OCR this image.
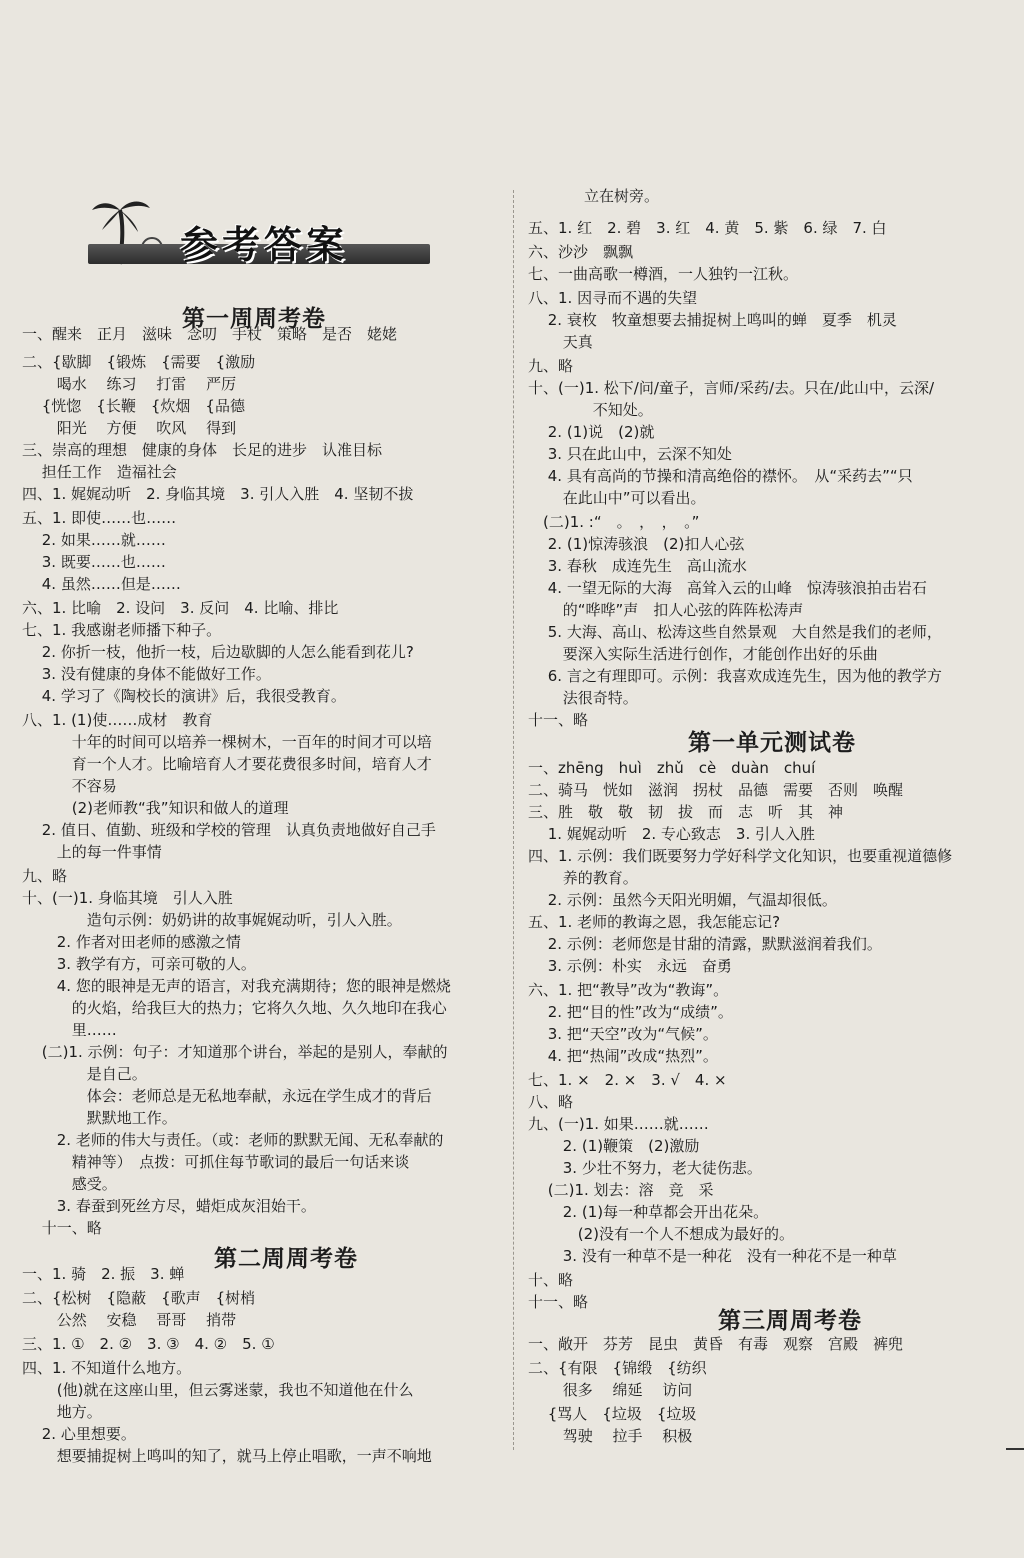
第一周周考卷
一、醒来　正月　滋味　念叨　手杖　策略　是否　姥姥
二、{歇脚　{锻炼　{需要　{激励
　　 喝水　 练习　 打雷　 严厉
　 {恍惚　{长鞭　{炊烟　{品德
　　 阳光　 方便　 吹风　 得到
三、崇高的理想　健康的身体　长足的进步　认准目标
　 担任工作　造福社会
四、1. 娓娓动听　2. 身临其境　3. 引人入胜　4. 坚韧不拔
五、1. 即使……也……
　 2. 如果……就……
　 3. 既要……也……
　 4. 虽然……但是……
六、1. 比喻　2. 设问　3. 反问　4. 比喻、排比
七、1. 我感谢老师播下种子。
　 2. 你折一枝，他折一枝，后边歇脚的人怎么能看到花儿?
　 3. 没有健康的身体不能做好工作。
　 4. 学习了《陶校长的演讲》后，我很受教育。
八、1. (1)使……成材　教育
　　　 十年的时间可以培养一棵树木，一百年的时间才可以培
　　　 育一个人才。比喻培育人才要花费很多时间，培育人才
　　　 不容易
　　　 (2)老师教“我”知识和做人的道理
　 2. 值日、值勤、班级和学校的管理　认真负责地做好自己手
　　 上的每一件事情
九、略
十、(一)1. 身临其境　引人入胜
　　　　 造句示例：奶奶讲的故事娓娓动听，引人入胜。
　　 2. 作者对田老师的感激之情
　　 3. 教学有方，可亲可敬的人。
　　 4. 您的眼神是无声的语言，对我充满期待；您的眼神是燃烧
　　　 的火焰，给我巨大的热力；它将久久地、久久地印在我心
　　　 里……
　 (二)1. 示例：句子：才知道那个讲台，举起的是别人，奉献的
　　　　 是自己。
　　　　 体会：老师总是无私地奉献，永远在学生成才的背后
　　　　 默默地工作。
　　 2. 老师的伟大与责任。（或：老师的默默无闻、无私奉献的
　　　 精神等）　点拨：可抓住每节歌词的最后一句话来谈
　　　 感受。
　　 3. 春蚕到死丝方尽，蜡炬成灰泪始干。
　 十一、略
第二周周考卷
一、1. 骑　2. 振　3. 蝉
二、{松树　{隐蔽　{歌声　{树梢
　　 公然　 安稳　 哥哥　 捎带
三、1. ①　2. ②　3. ③　4. ②　5. ①
四、1. 不知道什么地方。
　　 (他)就在这座山里，但云雾迷蒙，我也不知道他在什么
　　 地方。
　 2. 心里想要。
　　 想要捕捉树上鸣叫的知了，就马上停止唱歌，一声不响地
立在树旁。
五、1. 红　2. 碧　3. 红　4. 黄　5. 紫　6. 绿　7. 白
六、沙沙　飘飘
七、一曲高歌一樽酒，一人独钓一江秋。
八、1. 因寻而不遇的失望
　 2. 衰枚　牧童想要去捕捉树上鸣叫的蝉　夏季　机灵
　　 天真
九、略
十、(一)1. 松下/问/童子，言师/采药/去。只在/此山中，云深/
　　　　 不知处。
　 2. (1)说　(2)就
　 3. 只在此山中，云深不知处
　 4. 具有高尚的节操和清高绝俗的襟怀。　从“采药去”“只
　　 在此山中”可以看出。
　(二)1. :“　。　，　，　。”
　 2. (1)惊涛骇浪　(2)扣人心弦
　 3. 春秋　成连先生　高山流水
　 4. 一望无际的大海　高耸入云的山峰　惊涛骇浪拍击岩石
　　 的“哗哗”声　扣人心弦的阵阵松涛声
　 5. 大海、高山、松涛这些自然景观　大自然是我们的老师，
　　 要深入实际生活进行创作，才能创作出好的乐曲
　 6. 言之有理即可。示例：我喜欢成连先生，因为他的教学方
　　 法很奇特。
十一、略
第一单元测试卷
一、zhēng　huì　zhǔ　cè　duàn　chuí
二、骑马　恍如　滋润　拐杖　品德　需要　否则　唤醒
三、胜　敬　敬　韧　拔　而　志　听　其　神
　 1. 娓娓动听　2. 专心致志　3. 引人入胜
四、1. 示例：我们既要努力学好科学文化知识，也要重视道德修
　　 养的教育。
　 2. 示例：虽然今天阳光明媚，气温却很低。
五、1. 老师的教诲之恩，我怎能忘记?
　 2. 示例：老师您是甘甜的清露，默默滋润着我们。
　 3. 示例：朴实　永远　奋勇
六、1. 把“教导”改为“教诲”。
　 2. 把“目的性”改为“成绩”。
　 3. 把“天空”改为“气候”。
　 4. 把“热闹”改成“热烈”。
七、1. ×　2. ×　3. √　4. ×
八、略
九、(一)1. 如果……就……
　　 2. (1)鞭策　(2)激励
　　 3. 少壮不努力，老大徒伤悲。
　 (二)1. 划去：溶　竞　采
　　 2. (1)每一种草都会开出花朵。
　　　 (2)没有一个人不想成为最好的。
　　 3. 没有一种草不是一种花　没有一种花不是一种草
十、略
十一、略
第三周周考卷
一、敞开　芬芳　昆虫　黄昏　有毒　观察　宫殿　裤兜
二、{有限　{锦缎　{纺织
　　 很多　 绵延　 访问
　 {骂人　{垃圾　{垃圾
　　 驾驶　 拉手　 积极
参考答案
